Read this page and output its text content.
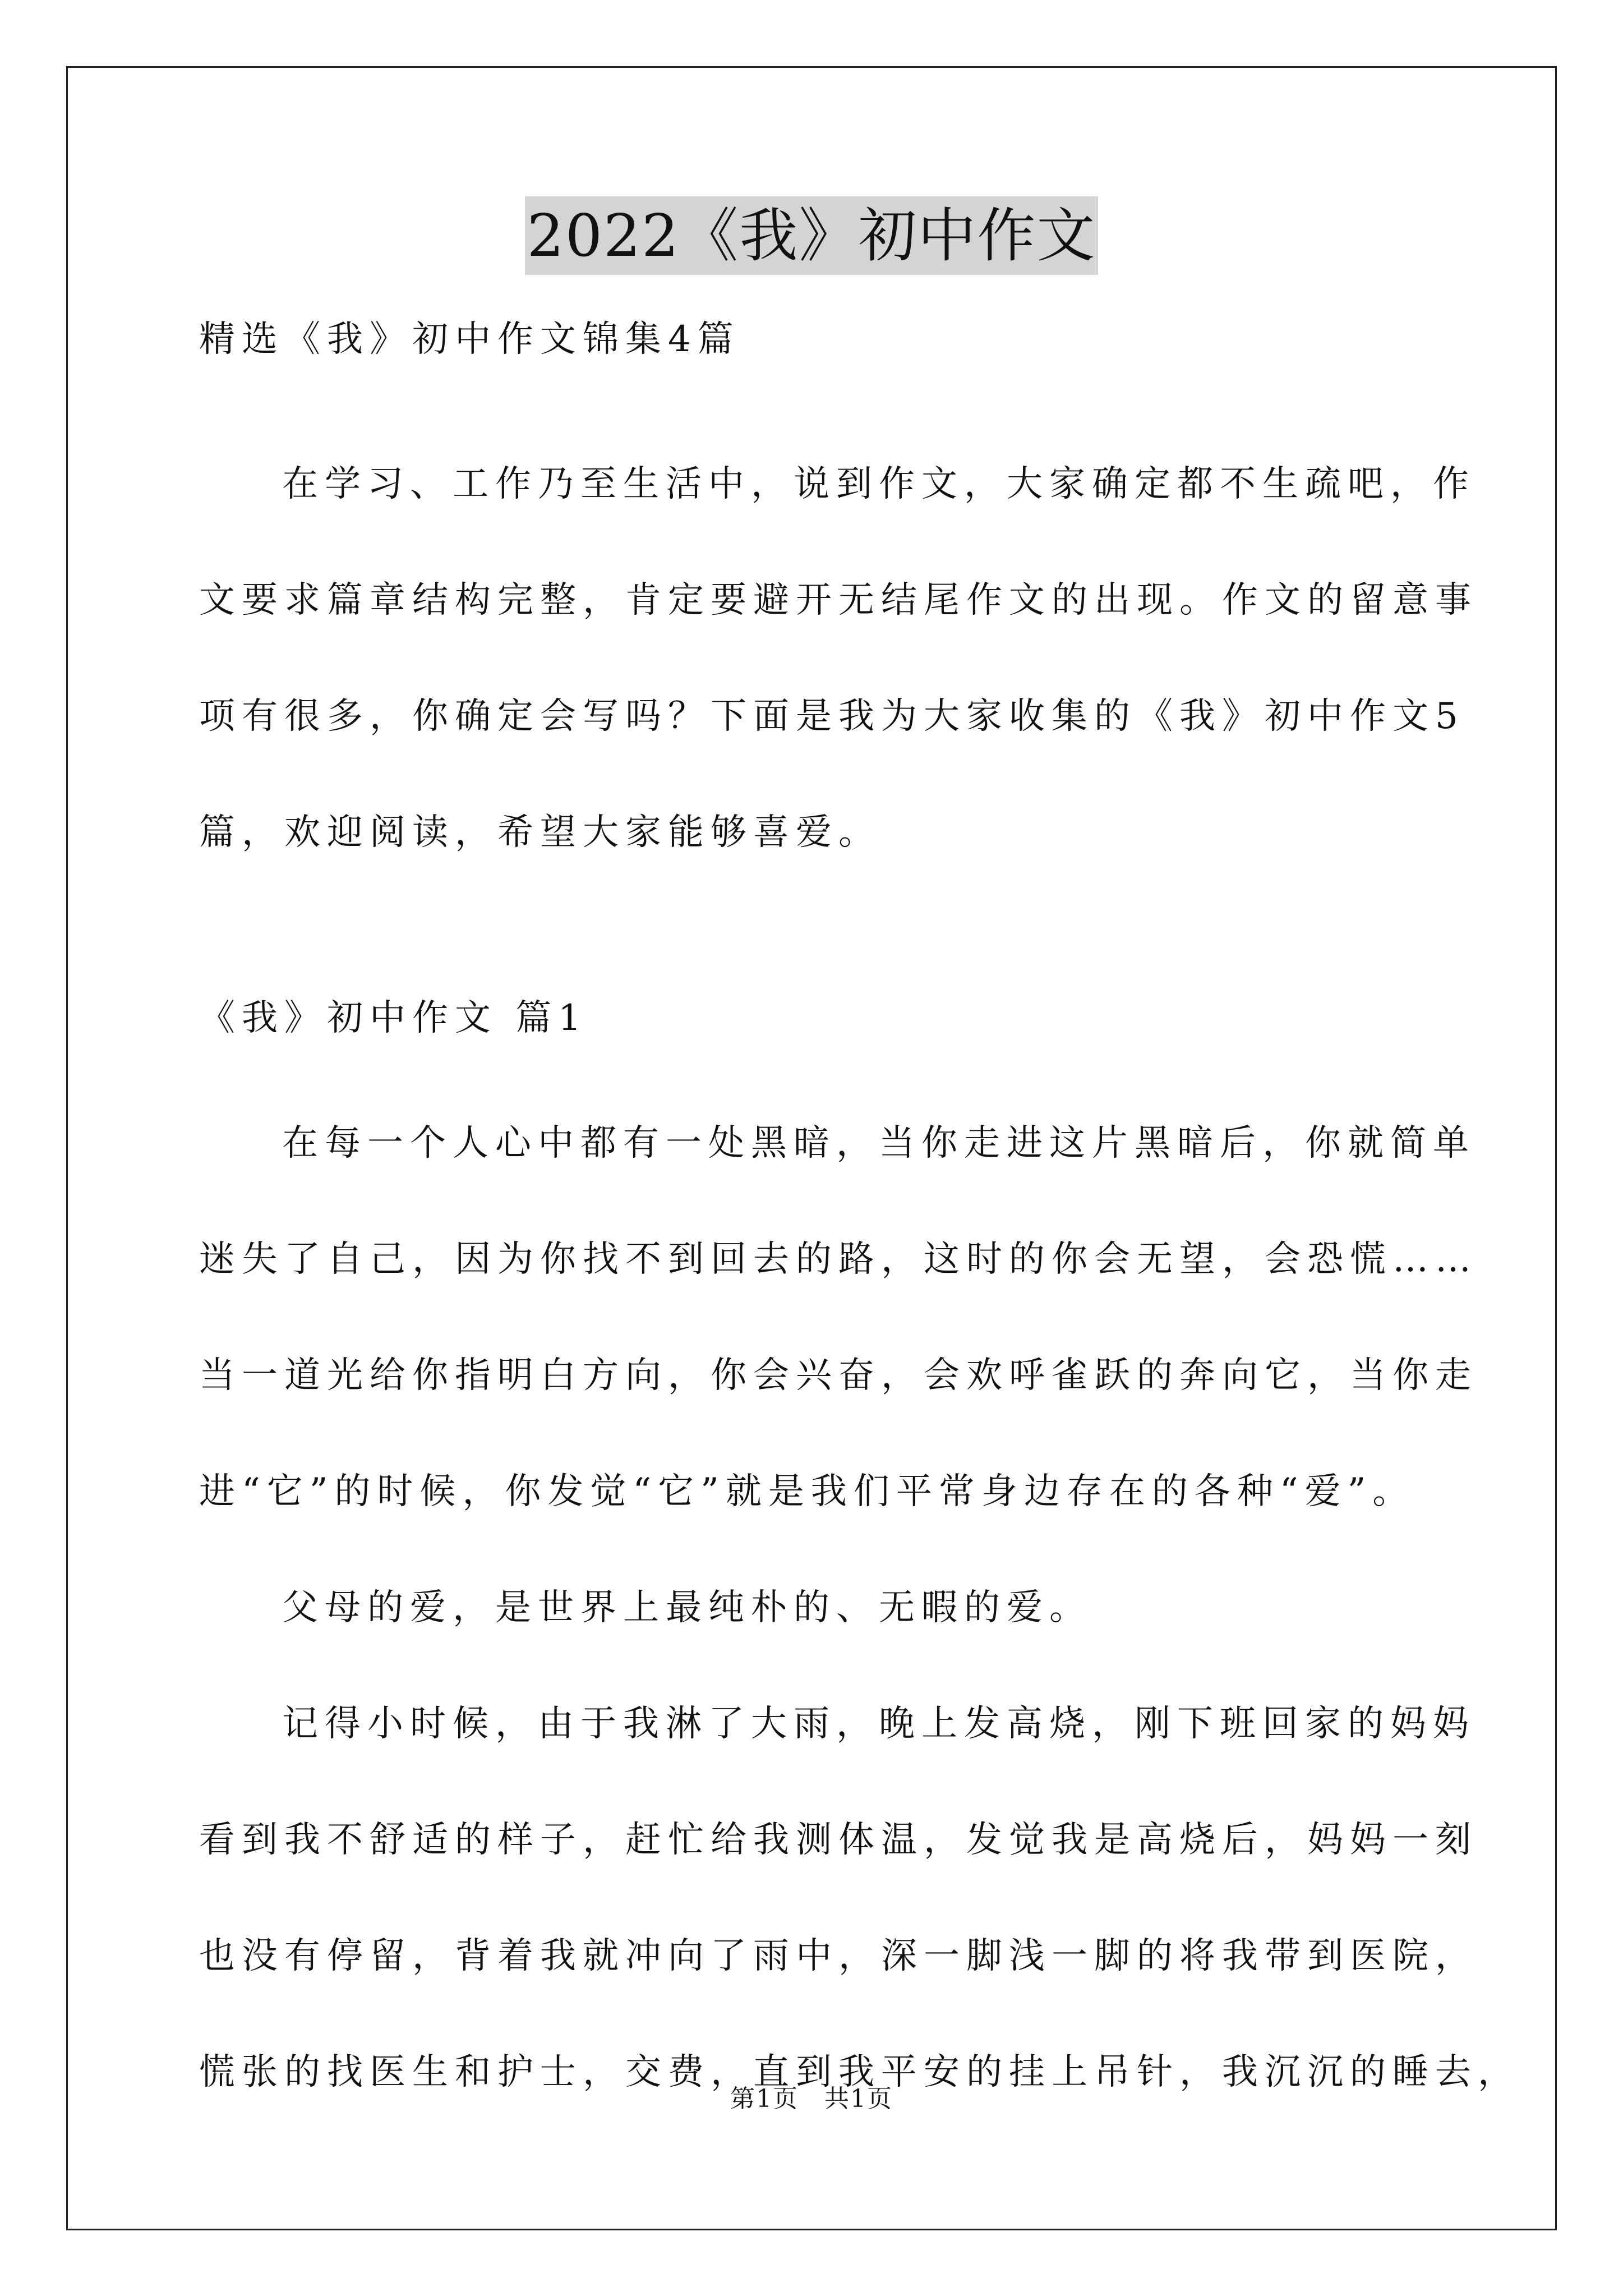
2022《我》初中作文
精选《我》初中作文锦集4篇
在学习、工作乃至生活中，说到作文，大家确定都不生疏吧，作
文要求篇章结构完整，肯定要避开无结尾作文的出现。作文的留意事
项有很多，你确定会写吗？下面是我为大家收集的《我》初中作文5
篇，欢迎阅读，希望大家能够喜爱。
《我》初中作文 篇1
在每一个人心中都有一处黑暗，当你走进这片黑暗后，你就简单
迷失了自己，因为你找不到回去的路，这时的你会无望，会恐慌……
当一道光给你指明白方向，你会兴奋，会欢呼雀跃的奔向它，当你走
进“它”的时候，你发觉“它”就是我们平常身边存在的各种“爱”。
父母的爱，是世界上最纯朴的、无暇的爱。
记得小时候，由于我淋了大雨，晚上发高烧，刚下班回家的妈妈
看到我不舒适的样子，赶忙给我测体温，发觉我是高烧后，妈妈一刻
也没有停留，背着我就冲向了雨中，深一脚浅一脚的将我带到医院，
慌张的找医生和护士，交费，直到我平安的挂上吊针，我沉沉的睡去，
第1页　共1页
